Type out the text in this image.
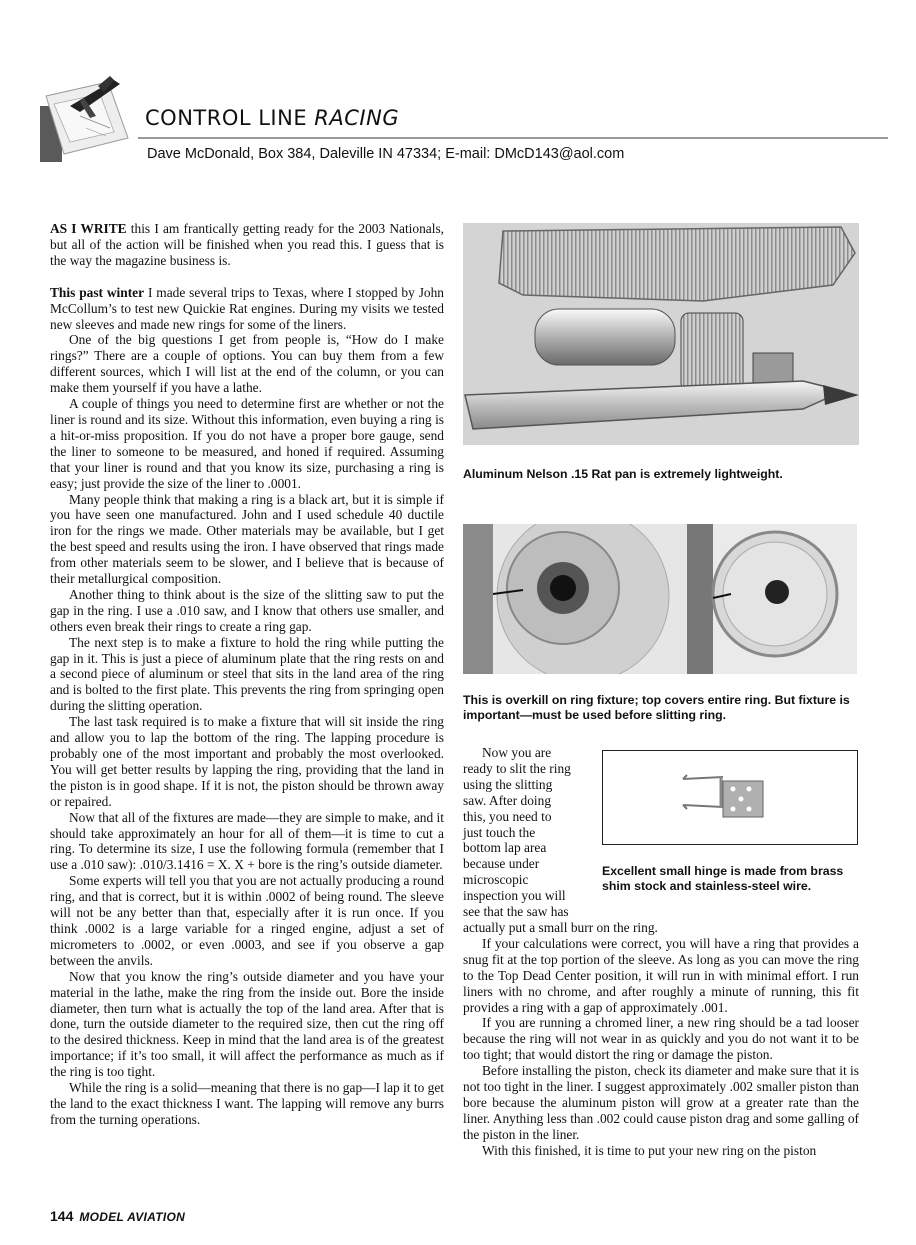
CONTROL LINE RACING
Dave McDonald, Box 384, Daleville IN 47334; E-mail: DMcD143@aol.com

AS I WRITE this I am frantically getting ready for the 2003 Nationals, but all of the action will be finished when you read this. I guess that is the way the magazine business is.

This past winter I made several trips to Texas, where I stopped by John McCollum’s to test new Quickie Rat engines. During my visits we tested new sleeves and made new rings for some of the liners.

One of the big questions I get from people is, “How do I make rings?” There are a couple of options. You can buy them from a few different sources, which I will list at the end of the column, or you can make them yourself if you have a lathe.

A couple of things you need to determine first are whether or not the liner is round and its size. Without this information, even buying a ring is a hit-or-miss proposition. If you do not have a proper bore gauge, send the liner to someone to be measured, and honed if required. Assuming that your liner is round and that you know its size, purchasing a ring is easy; just provide the size of the liner to .0001.

Many people think that making a ring is a black art, but it is simple if you have seen one manufactured. John and I used schedule 40 ductile iron for the rings we made. Other materials may be available, but I get the best speed and results using the iron. I have observed that rings made from other materials seem to be slower, and I believe that is because of their metallurgical composition.

Another thing to think about is the size of the slitting saw to put the gap in the ring. I use a .010 saw, and I know that others use smaller, and others even break their rings to create a ring gap.

The next step is to make a fixture to hold the ring while putting the gap in it. This is just a piece of aluminum plate that the ring rests on and a second piece of aluminum or steel that sits in the land area of the ring and is bolted to the first plate. This prevents the ring from springing open during the slitting operation.

The last task required is to make a fixture that will sit inside the ring and allow you to lap the bottom of the ring. The lapping procedure is probably one of the most important and probably the most overlooked. You will get better results by lapping the ring, providing that the land in the piston is in good shape. If it is not, the piston should be thrown away or repaired.

Now that all of the fixtures are made—they are simple to make, and it should take approximately an hour for all of them—it is time to cut a ring. To determine its size, I use the following formula (remember that I use a .010 saw): .010/3.1416 = X. X + bore is the ring’s outside diameter.

Some experts will tell you that you are not actually producing a round ring, and that is correct, but it is within .0002 of being round. The sleeve will not be any better than that, especially after it is run once. If you think .0002 is a large variable for a ringed engine, adjust a set of micrometers to .0002, or even .0003, and see if you observe a gap between the anvils.

Now that you know the ring’s outside diameter and you have your material in the lathe, make the ring from the inside out. Bore the inside diameter, then turn what is actually the top of the land area. After that is done, turn the outside diameter to the required size, then cut the ring off to the desired thickness. Keep in mind that the land area is of the greatest importance; if it’s too small, it will affect the performance as much as if the ring is too tight.

While the ring is a solid—meaning that there is no gap—I lap it to get the land to the exact thickness I want. The lapping will remove any burrs from the turning operations.

Aluminum Nelson .15 Rat pan is extremely lightweight.
This is overkill on ring fixture; top covers entire ring. But fixture is important—must be used before slitting ring.
Excellent small hinge is made from brass shim stock and stainless-steel wire.
Now you are
ready to slit the ring
using the slitting
saw. After doing
this, you need to
just touch the
bottom lap area
because under
microscopic
inspection you will
see that the saw has

actually put a small burr on the ring.

If your calculations were correct, you will have a ring that provides a snug fit at the top portion of the sleeve. As long as you can move the ring to the Top Dead Center position, it will run in with minimal effort. I run liners with no chrome, and after roughly a minute of running, this fit provides a ring with a gap of approximately .001.

If you are running a chromed liner, a new ring should be a tad looser because the ring will not wear in as quickly and you do not want it to be too tight; that would distort the ring or damage the piston.

Before installing the piston, check its diameter and make sure that it is not too tight in the liner. I suggest approximately .002 smaller piston than bore because the aluminum piston will grow at a greater rate than the liner. Anything less than .002 could cause piston drag and some galling of the piston in the liner.

With this finished, it is time to put your new ring on the piston

144 MODEL AVIATION
